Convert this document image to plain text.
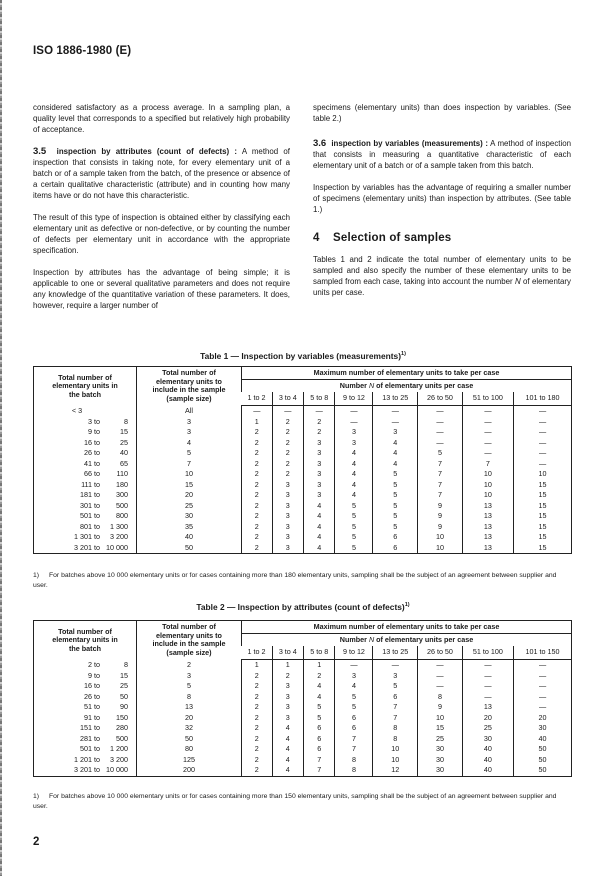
ISO 1886-1980 (E)

considered satisfactory as a process average. In a sampling plan, a quality level that corresponds to a specified but relatively high probability of acceptance.

3.5 inspection by attributes (count of defects) : A method of inspection that consists in taking note, for every elementary unit of a batch or of a sample taken from the batch, of the presence or absence of a certain qualitative characteristic (attribute) and in counting how many items have or do not have this characteristic.

The result of this type of inspection is obtained either by classifying each elementary unit as defective or non-defective, or by counting the number of defects per elementary unit in accordance with the appropriate specification.

Inspection by attributes has the advantage of being simple; it is applicable to one or several qualitative parameters and does not require any knowledge of the quantitative variation of these parameters. It does, however, require a larger number of

specimens (elementary units) than does inspection by variables. (See table 2.)

3.6 inspection by variables (measurements) : A method of inspection that consists in measuring a quantitative characteristic of each elementary unit of a batch or of a sample taken from this batch.

Inspection by variables has the advantage of requiring a smaller number of specimens (elementary units) than inspection by attributes. (See table 1.)

4 Selection of samples

Tables 1 and 2 indicate the total number of elementary units to be sampled and also specify the number of these elementary units to be sampled from each case, taking into account the number N of elementary units per case.

Table 1 — Inspection by variables (measurements)$^{1)}$
Total number of elementary units in the batch	Total number of elementary units to include in the sample (sample size)	Maximum number of elementary units to take per case							
		Number N of elementary units per case							
		1 to 2	3 to 4	5 to 8	9 to 12	13 to 25	26 to 50	51 to 100	101 to 180
< 3	All	—	—	—	—	—	—	—	—
3 to 8	3	1	2	2	—	—	—	—	—
9 to 15	3	2	2	2	3	3	—	—	—
16 to 25	4	2	2	3	3	4	—	—	—
26 to 40	5	2	2	3	4	4	5	—	—
41 to 65	7	2	2	3	4	4	7	7	—
66 to 110	10	2	2	3	4	5	7	10	10
111 to 180	15	2	3	3	4	5	7	10	15
181 to 300	20	2	3	3	4	5	7	10	15
301 to 500	25	2	3	4	5	5	9	13	15
501 to 800	30	2	3	4	5	5	9	13	15
801 to 1 300	35	2	3	4	5	5	9	13	15
1 301 to 3 200	40	2	3	4	5	6	10	13	15
3 201 to 10 000	50	2	3	4	5	6	10	13	15
1) For batches above 10 000 elementary units or for cases containing more than 180 elementary units, sampling shall be the subject of an agreement between supplier and user.
Table 2 — Inspection by attributes (count of defects)$^{1)}$
Total number of elementary units in the batch	Total number of elementary units to include in the sample (sample size)	Maximum number of elementary units to take per case							
		Number N of elementary units per case							
		1 to 2	3 to 4	5 to 8	9 to 12	13 to 25	26 to 50	51 to 100	101 to 150
2 to 8	2	1	1	1	—	—	—	—	—
9 to 15	3	2	2	2	3	3	—	—	—
16 to 25	5	2	3	4	4	5	—	—	—
26 to 50	8	2	3	4	5	6	8	—	—
51 to 90	13	2	3	5	5	7	9	13	—
91 to 150	20	2	3	5	6	7	10	20	20
151 to 280	32	2	4	6	6	8	15	25	30
281 to 500	50	2	4	6	7	8	25	30	40
501 to 1 200	80	2	4	6	7	10	30	40	50
1 201 to 3 200	125	2	4	7	8	10	30	40	50
3 201 to 10 000	200	2	4	7	8	12	30	40	50
1) For batches above 10 000 elementary units or for cases containing more than 150 elementary units, sampling shall be the subject of an agreement between supplier and user.
2
